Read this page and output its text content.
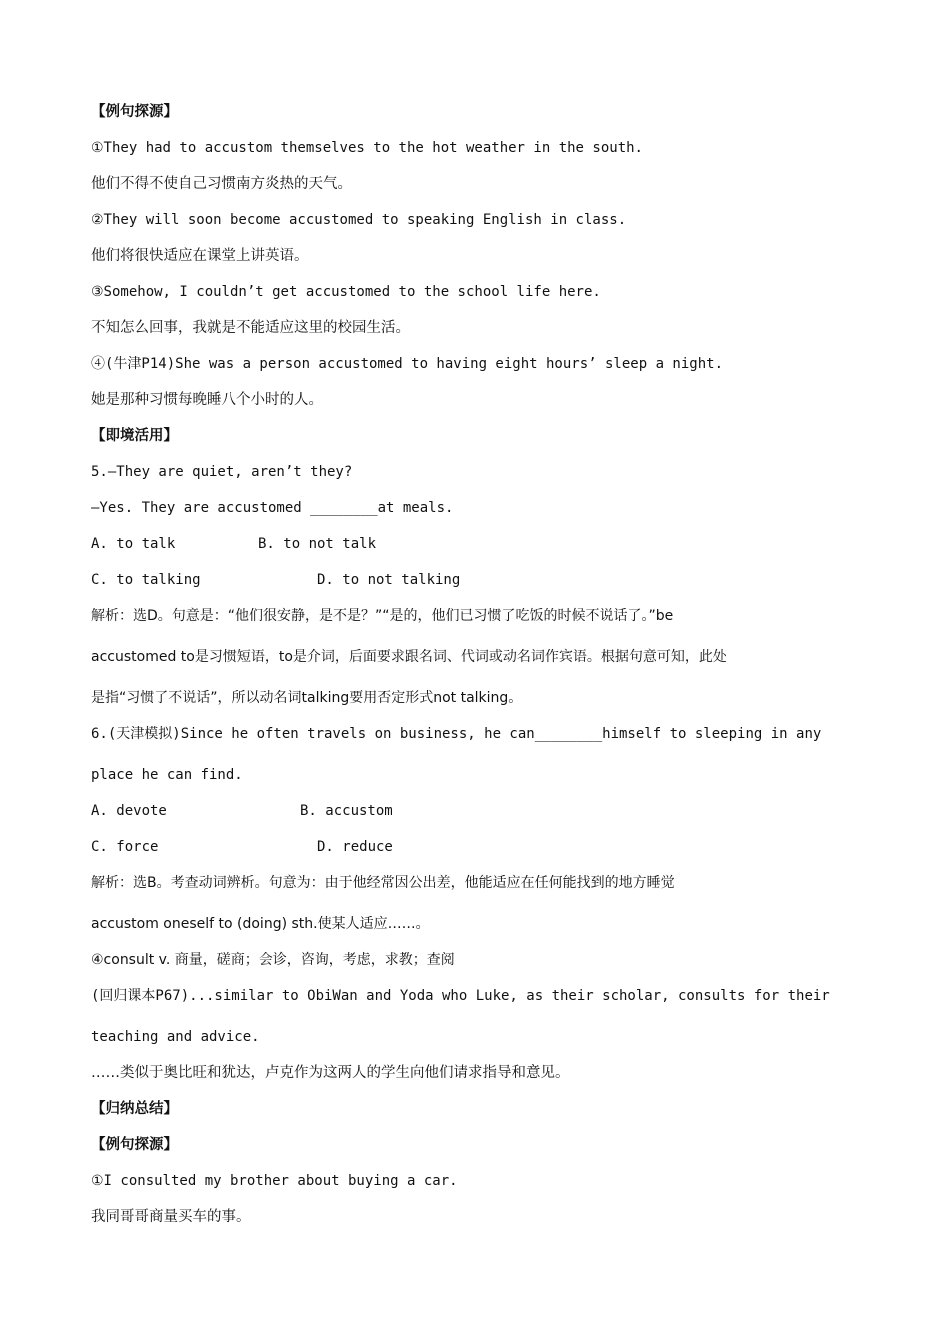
【例句探源】
①They had to accustom themselves to the hot weather in the south.
他们不得不使自己习惯南方炎热的天气。
②They will soon become accustomed to speaking English in class.
他们将很快适应在课堂上讲英语。
③Somehow, I couldn’t get accustomed to the school life here.
不知怎么回事，我就是不能适应这里的校园生活。
④(牛津P14)She was a person accustomed to having eight hours’ sleep a night.
她是那种习惯每晚睡八个小时的人。
【即境活用】
5.—They are quiet, aren’t they?
—Yes. They are accustomed ________at meals.
A. to talk	B. to not talk
C. to talking	D. to not talking
解析：选D。句意是：“他们很安静，是不是？”“是的，他们已习惯了吃饭的时候不说话了。”be
accustomed to是习惯短语，to是介词，后面要求跟名词、代词或动名词作宾语。根据句意可知，此处
是指“习惯了不说话”，所以动名词talking要用否定形式not talking。
6.(天津模拟)Since he often travels on business, he can________himself to sleeping in any
place he can find.
A. devote	B. accustom
C. force	D. reduce
解析：选B。考查动词辨析。句意为：由于他经常因公出差，他能适应在任何能找到的地方睡觉
accustom oneself to (doing) sth.使某人适应……。
④consult v. 商量，磋商；会诊，咨询，考虑，求教；查阅
(回归课本P67)...similar to ObiWan and Yoda who Luke, as their scholar, consults for their
teaching and advice.
……类似于奥比旺和犹达，卢克作为这两人的学生向他们请求指导和意见。
【归纳总结】
【例句探源】
①I consulted my brother about buying a car.
我同哥哥商量买车的事。
